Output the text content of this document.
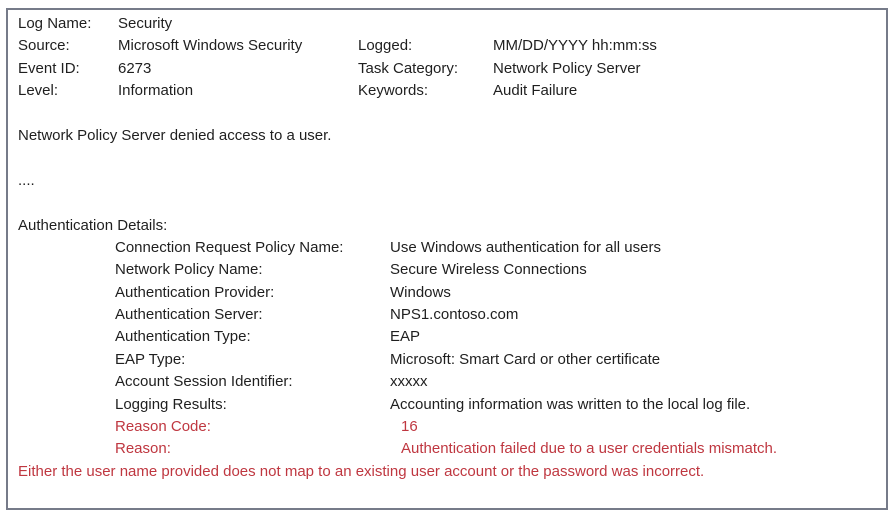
Log Name: Security
Source:	Microsoft Windows Security	Logged:	MM/DD/YYYY hh:mm:ss
Event ID:	6273	Task Category: Network Policy Server
Level:	Information	Keywords:	Audit Failure
Network Policy Server denied access to a user.
....
Authentication Details:
Connection Request Policy Name:	Use Windows authentication for all users
Network Policy Name:	Secure Wireless Connections
Authentication Provider:	Windows
Authentication Server:	NPS1.contoso.com
Authentication Type:	EAP
EAP Type:	Microsoft: Smart Card or other certificate
Account Session Identifier:	xxxxx
Logging Results:	Accounting information was written to the local log file.
Reason Code:	16
Reason:	Authentication failed due to a user credentials mismatch.
Either the user name provided does not map to an existing user account or the password was incorrect.
